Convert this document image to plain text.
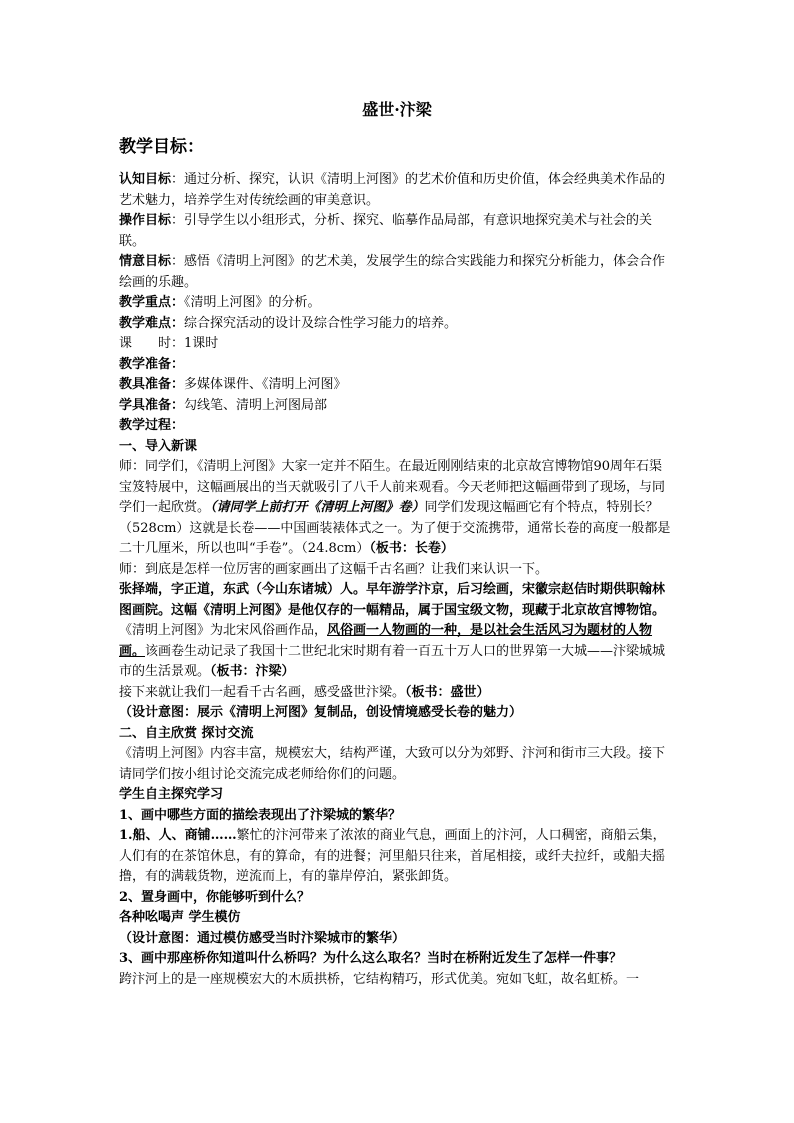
盛世·汴梁

教学目标：

认知目标：通过分析、探究，认识《清明上河图》的艺术价值和历史价值，体会经典美术作品的艺术魅力，培养学生对传统绘画的审美意识。

操作目标：引导学生以小组形式，分析、探究、临摹作品局部，有意识地探究美术与社会的关联。

情意目标：感悟《清明上河图》的艺术美，发展学生的综合实践能力和探究分析能力，体会合作绘画的乐趣。

教学重点：《清明上河图》的分析。

教学难点：综合探究活动的设计及综合性学习能力的培养。

课　　时：1课时

教学准备：

教具准备：多媒体课件、《清明上河图》

学具准备：勾线笔、清明上河图局部

教学过程：

一、导入新课

师：同学们，《清明上河图》大家一定并不陌生。在最近刚刚结束的北京故宫博物馆90周年石渠宝笈特展中，这幅画展出的当天就吸引了八千人前来观看。今天老师把这幅画带到了现场，与同学们一起欣赏。（请同学上前打开《清明上河图》卷）同学们发现这幅画它有个特点，特别长？（528cm）这就是长卷——中国画装裱体式之一。为了便于交流携带，通常长卷的高度一般都是二十几厘米，所以也叫“手卷”。（24.8cm）（板书：长卷）

师：到底是怎样一位厉害的画家画出了这幅千古名画？让我们来认识一下。

张择端，字正道，东武（今山东诸城）人。早年游学汴京，后习绘画，宋徽宗赵佶时期供职翰林图画院。这幅《清明上河图》是他仅存的一幅精品，属于国宝级文物，现藏于北京故宫博物馆。

《清明上河图》为北宋风俗画作品，风俗画一人物画的一种，是以社会生活风习为题材的人物画。该画卷生动记录了我国十二世纪北宋时期有着一百五十万人口的世界第一大城——汴梁城城市的生活景观。（板书：汴梁）

接下来就让我们一起看千古名画，感受盛世汴梁。（板书：盛世）

（设计意图：展示《清明上河图》复制品，创设情境感受长卷的魅力）

二、自主欣赏 探讨交流

《清明上河图》内容丰富，规模宏大，结构严谨，大致可以分为郊野、汴河和街市三大段。接下请同学们按小组讨论交流完成老师给你们的问题。

学生自主探究学习

1、画中哪些方面的描绘表现出了汴梁城的繁华？

1.船、人、商铺……繁忙的汴河带来了浓浓的商业气息，画面上的汴河，人口稠密，商船云集，人们有的在茶馆休息，有的算命，有的进餐；河里船只往来，首尾相接，或纤夫拉纤，或船夫摇撸，有的满载货物，逆流而上，有的靠岸停泊，紧张卸货。

2、置身画中，你能够听到什么？

各种吆喝声 学生模仿

（设计意图：通过模仿感受当时汴梁城市的繁华）

3、画中那座桥你知道叫什么桥吗？为什么这么取名？当时在桥附近发生了怎样一件事？

跨汴河上的是一座规模宏大的木质拱桥，它结构精巧，形式优美。宛如飞虹，故名虹桥。一
